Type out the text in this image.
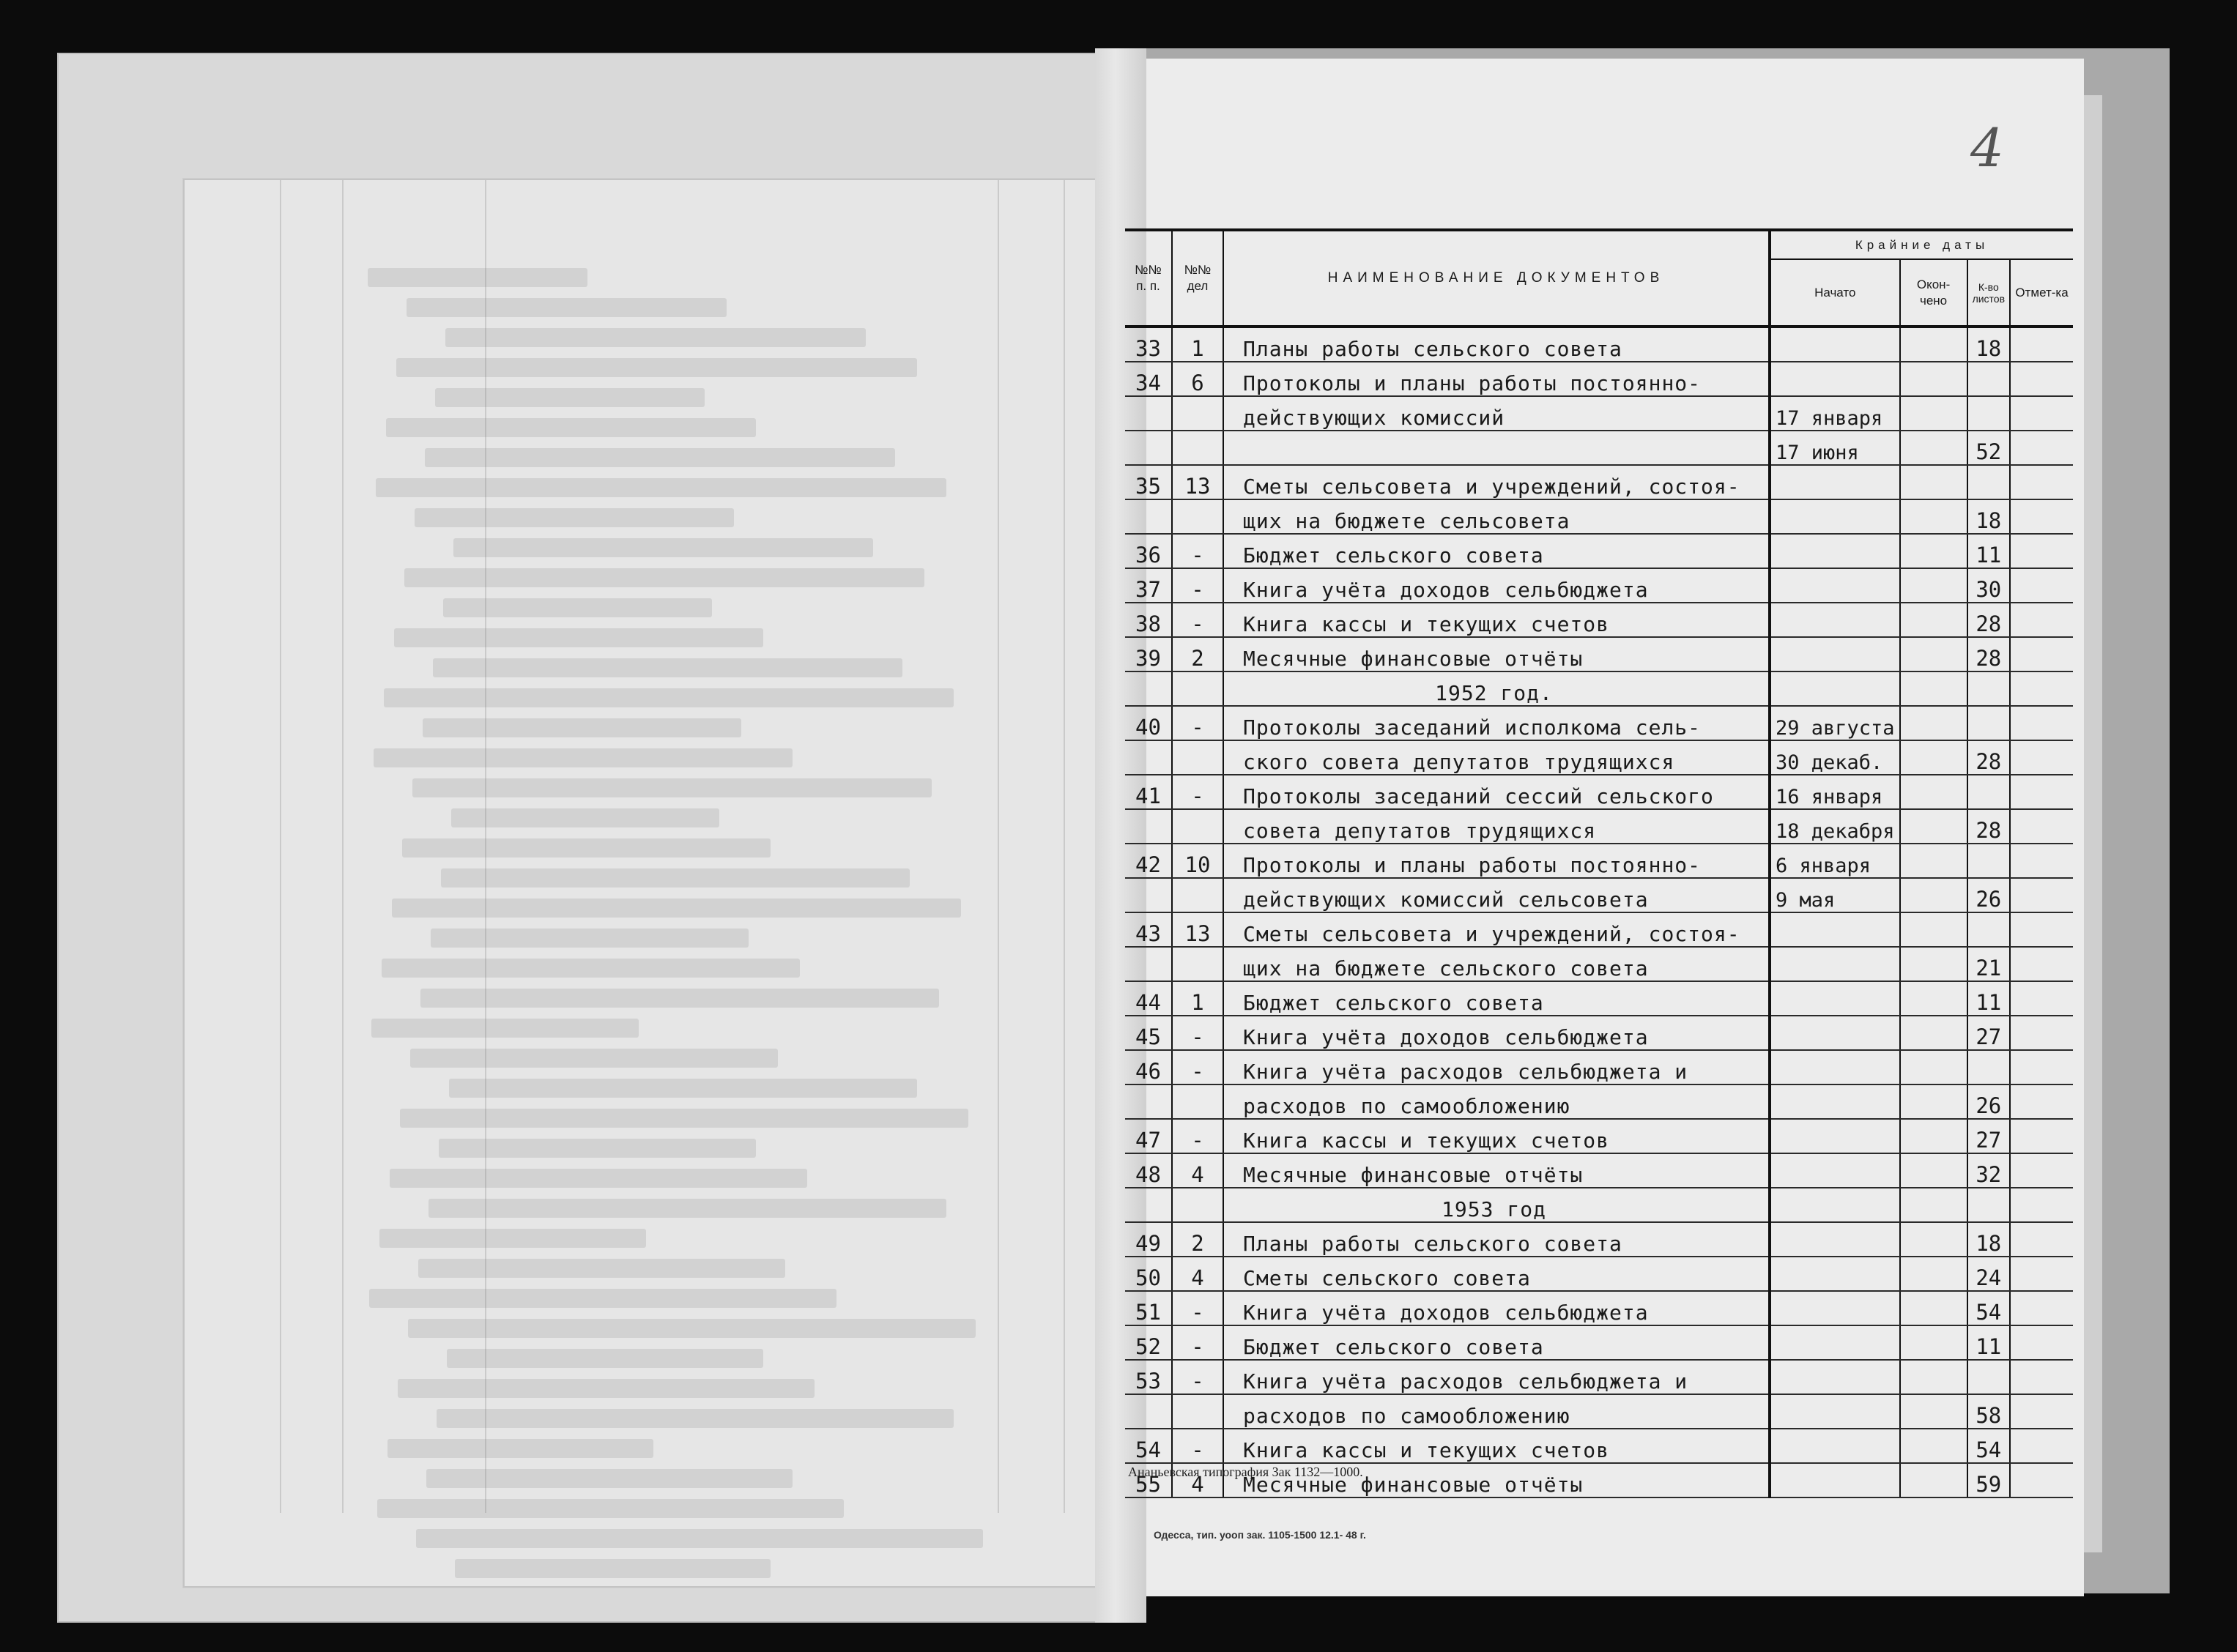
4
№№ п. п.	№№ дел	НАИМЕНОВАНИЕ ДОКУМЕНТОВ	Крайние даты			
			Начато	Окон-чено	К-во листов	Отмет-ка
33	1	Планы работы сельского совета			18	
34	6	Протоколы и планы работы постоянно-				
		действующих комиссий	17 января			
			17 июня		52	
35	13	Сметы сельсовета и учреждений, состоя-				
		щих на бюджете сельсовета			18	
36	-	Бюджет сельского совета			11	
37	-	Книга учёта доходов сельбюджета			30	
38	-	Книга кассы и текущих счетов			28	
39	2	Месячные финансовые отчёты			28	
		1952 год.				
40	-	Протоколы заседаний исполкома сель-	29 августа			
		ского совета депутатов трудящихся	30 декаб.		28	
41	-	Протоколы заседаний сессий сельского	16 января			
		совета депутатов трудящихся	18 декабря		28	
42	10	Протоколы и планы работы постоянно-	6 января			
		действующих комиссий сельсовета	9 мая		26	
43	13	Сметы сельсовета и учреждений, состоя-				
		щих на бюджете сельского совета			21	
44	1	Бюджет сельского совета			11	
45	-	Книга учёта доходов сельбюджета			27	
46	-	Книга учёта расходов сельбюджета и				
		расходов по самообложению			26	
47	-	Книга кассы и текущих счетов			27	
48	4	Месячные финансовые отчёты			32	
		1953 год				
49	2	Планы работы сельского совета			18	
50	4	Сметы сельского совета			24	
51	-	Книга учёта доходов сельбюджета			54	
52	-	Бюджет сельского совета			11	
53	-	Книга учёта расходов сельбюджета и				
		расходов по самообложению			58	
54	-	Книга кассы и текущих счетов			54	
55	4	Месячные финансовые отчёты			59	
Ананьевская типография Зак 1132—1000.
Одесса, тип. уоoп зак. 1105-1500 12.1- 48 г.
